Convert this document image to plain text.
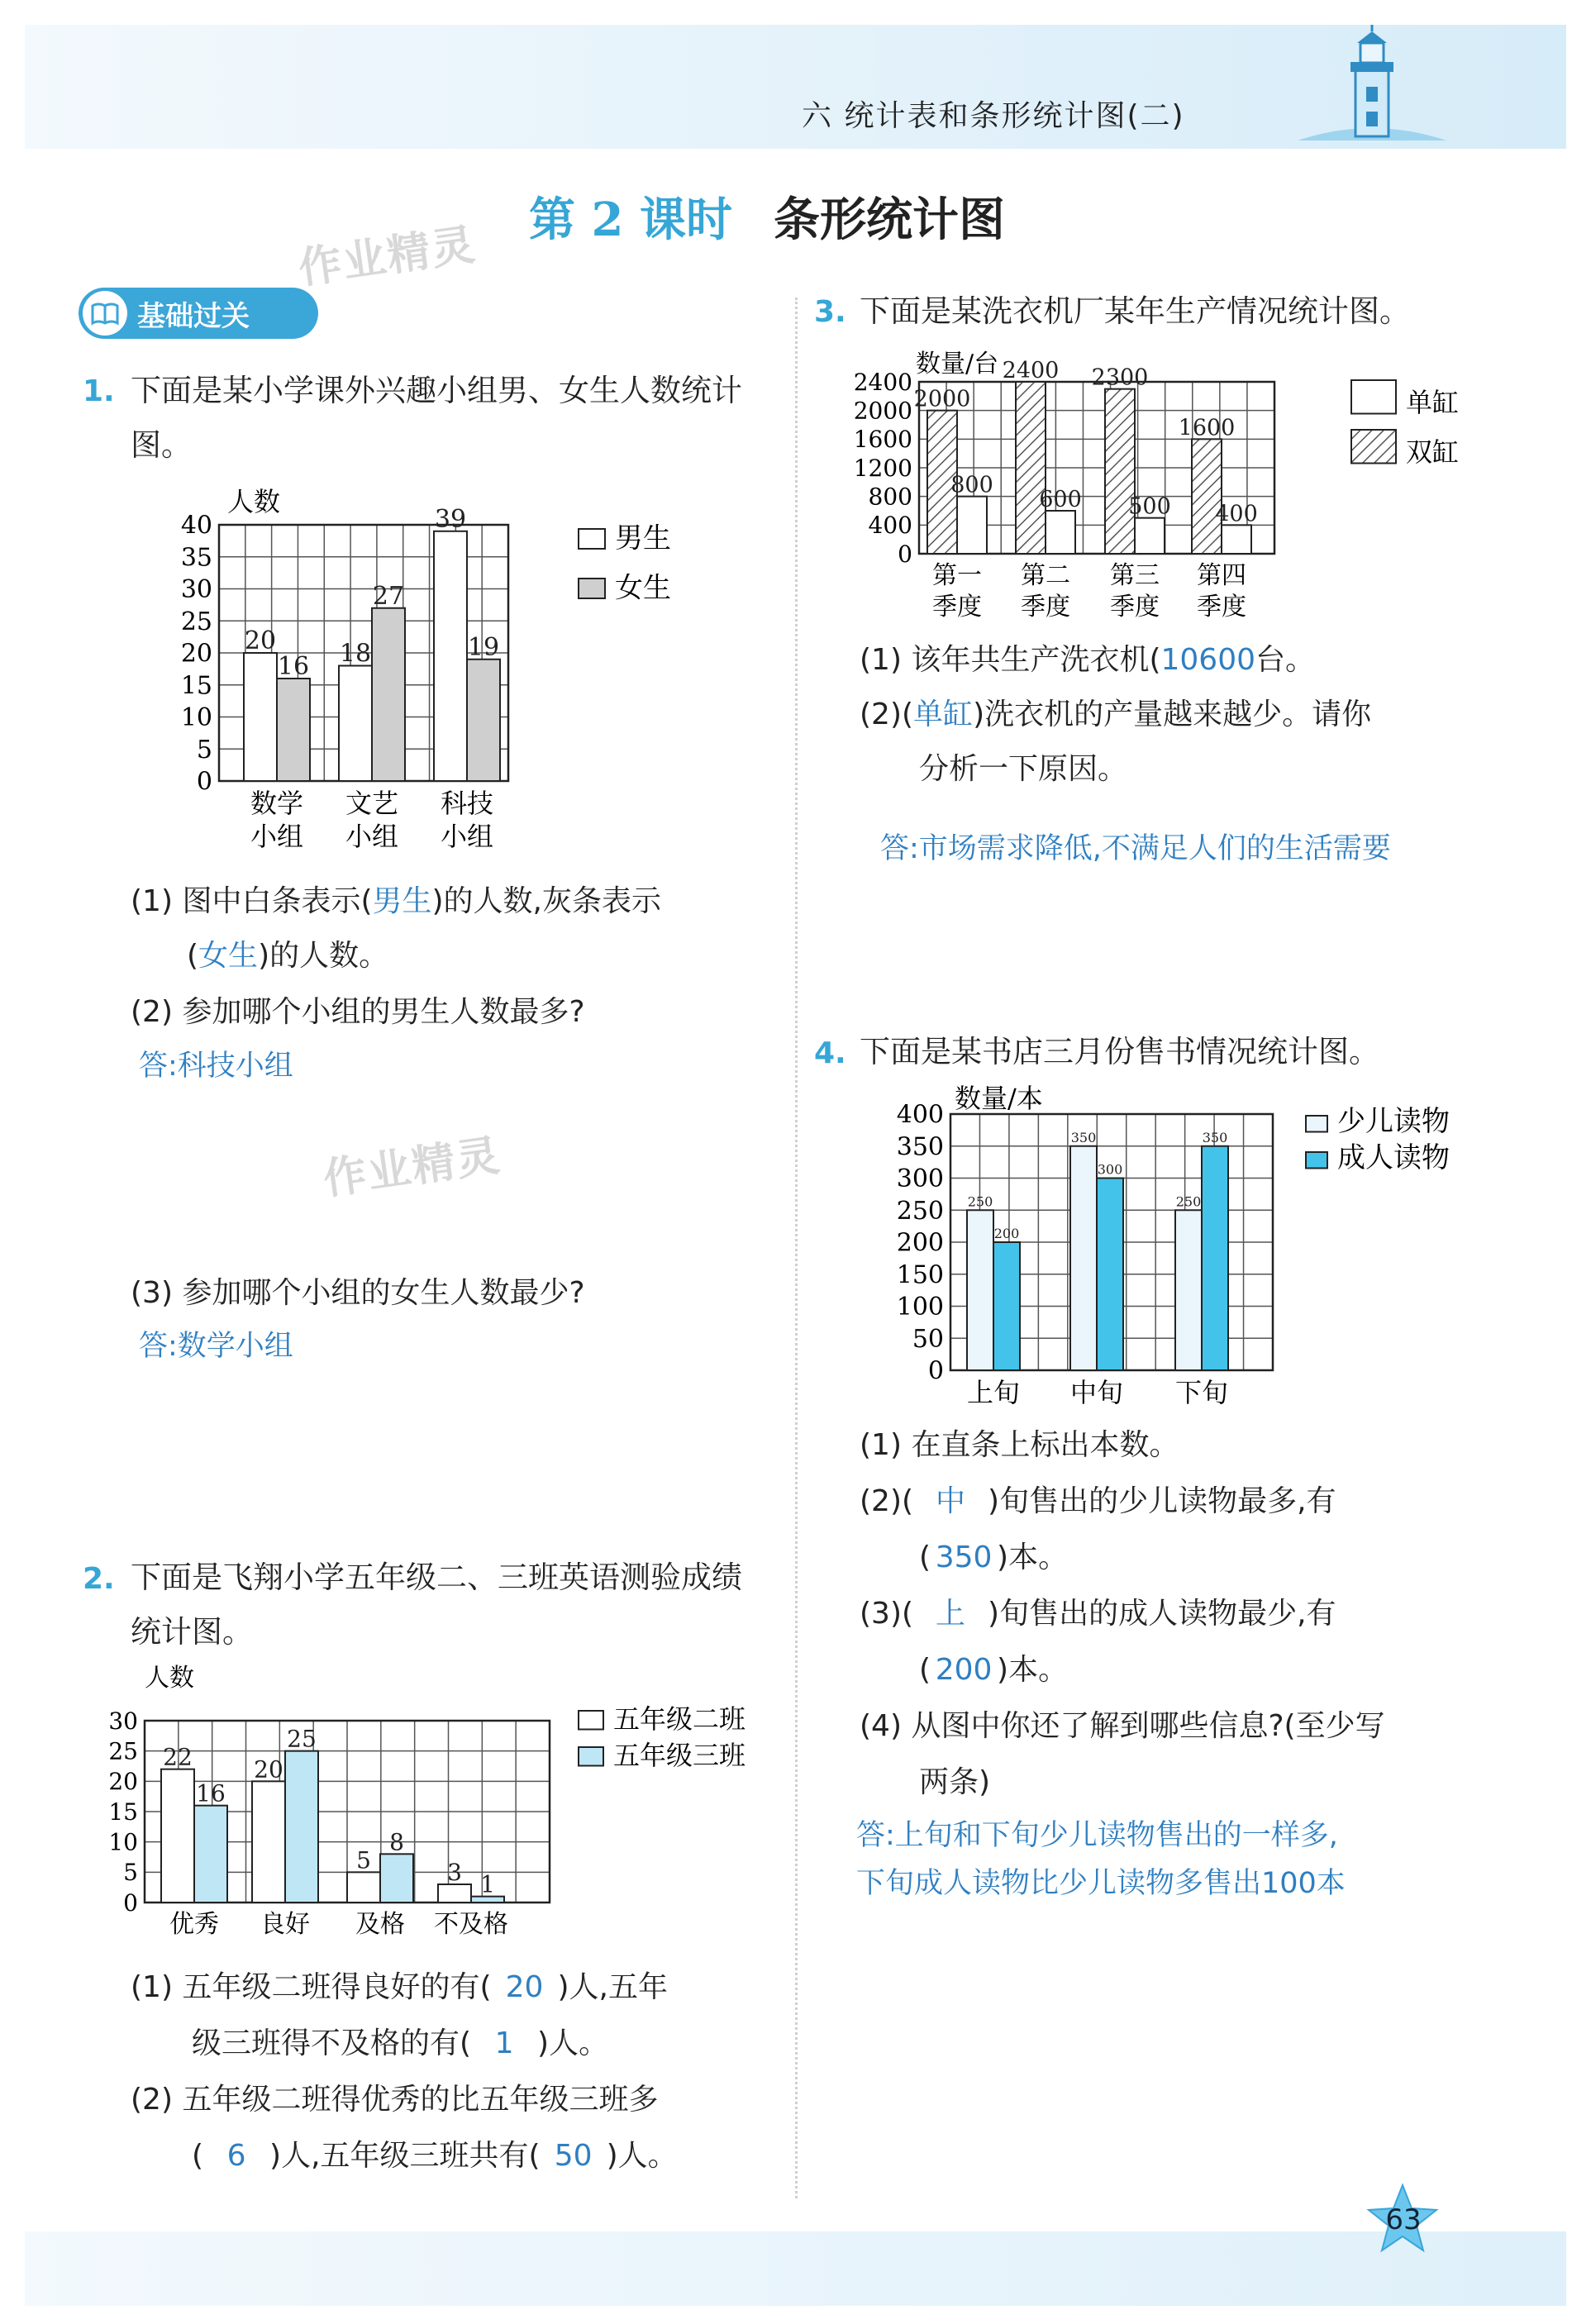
六 统计表和条形统计图(二)
第 2 课时 条形统计图
作业精灵
作业精灵
基础过关
1. 下面是某小学课外兴趣小组男、女生人数统计图。
0
5
10
15
20
25
30
35
40
人数
20
16
数学
小组
18
27
文艺
小组
39
19
科技
小组
男生
女生
(1) 图中白条表示(男生)的人数,灰条表示
(女生)的人数。
(2) 参加哪个小组的男生人数最多?
答:科技小组
(3) 参加哪个小组的女生人数最少?
答:数学小组
2. 下面是飞翔小学五年级二、三班英语测验成绩统计图。
0
5
10
15
20
25
30
人数
22
16
优秀
20
25
良好
5
8
及格
3 1
不及格
五年级二班
五年级三班
(1) 五年级二班得良好的有( 20 )人,五年
级三班得不及格的有( 1 )人。
(2) 五年级二班得优秀的比五年级三班多
( 6 )人,五年级三班共有( 50 )人。
3. 下面是某洗衣机厂某年生产情况统计图。
0
400
800
1200
1600
2000
2400
数量/台
2000
800
第一
季度
2400
600
第二
季度
2300
500
第三
季度
1600
400
第四
季度
单缸
双缸
(1) 该年共生产洗衣机(10600台。
(2)(单缸)洗衣机的产量越来越少。请你
分析一下原因。
答:市场需求降低,不满足人们的生活需要
4. 下面是某书店三月份售书情况统计图。
0
50
100
150
200
250
300
350
400
数量/本
250
200
上旬
350
300
中旬
250
350
下旬
少儿读物
成人读物
(1) 在直条上标出本数。
(2)( 中 )旬售出的少儿读物最多,有
( 350 )本。
(3)( 上 )旬售出的成人读物最少,有
( 200 )本。
(4) 从图中你还了解到哪些信息?(至少写
两条)
答:上旬和下旬少儿读物售出的一样多,
下旬成人读物比少儿读物多售出100本
63
